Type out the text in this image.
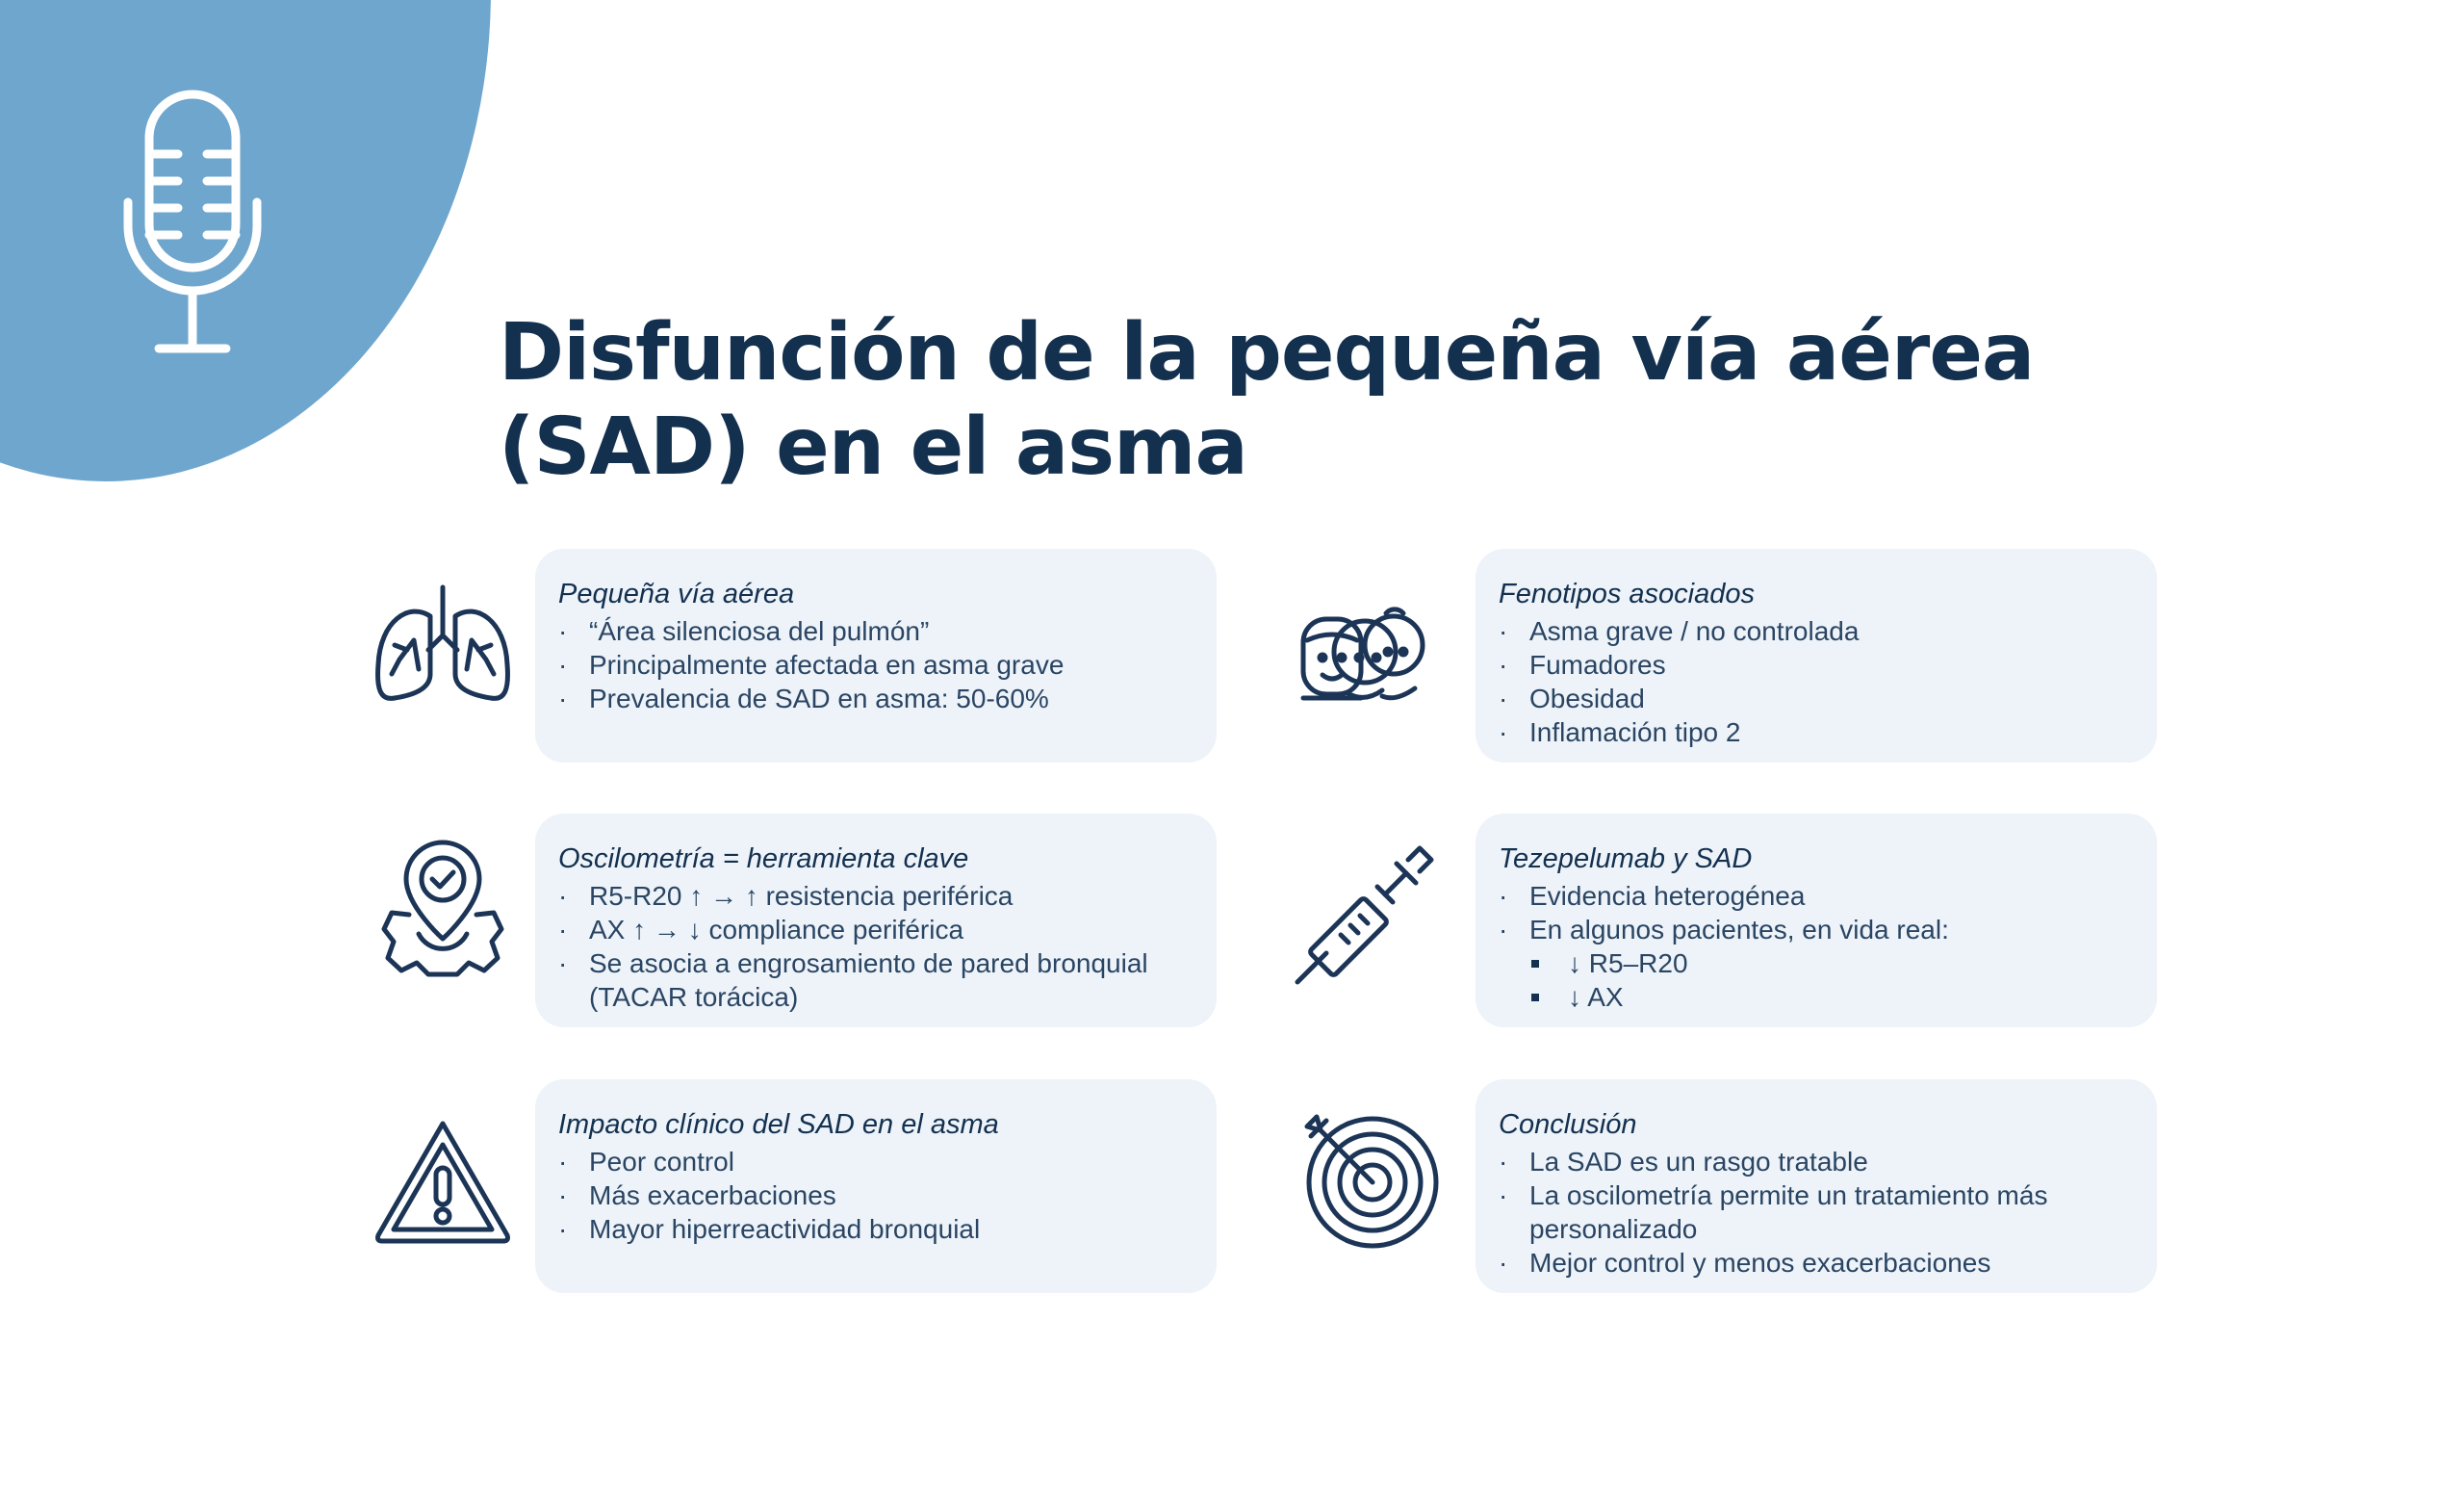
Disfunción de la pequeña vía aérea
(SAD) en el asma
Pequeña vía aérea
· “Área silenciosa del pulmón”
· Principalmente afectada en asma grave
· Prevalencia de SAD en asma: 50-60%
Fenotipos asociados
· Asma grave / no controlada
· Fumadores
· Obesidad
· Inflamación tipo 2
Oscilometría = herramienta clave
· R5-R20 ↑ → ↑ resistencia periférica
· AX ↑ → ↓ compliance periférica
· Se asocia a engrosamiento de pared bronquial (TACAR torácica)
Tezepelumab y SAD
· Evidencia heterogénea
· En algunos pacientes, en vida real:
↓ R5–R20
↓ AX
Impacto clínico del SAD en el asma
· Peor control
· Más exacerbaciones
· Mayor hiperreactividad bronquial
Conclusión
· La SAD es un rasgo tratable
· La oscilometría permite un tratamiento más personalizado
· Mejor control y menos exacerbaciones
